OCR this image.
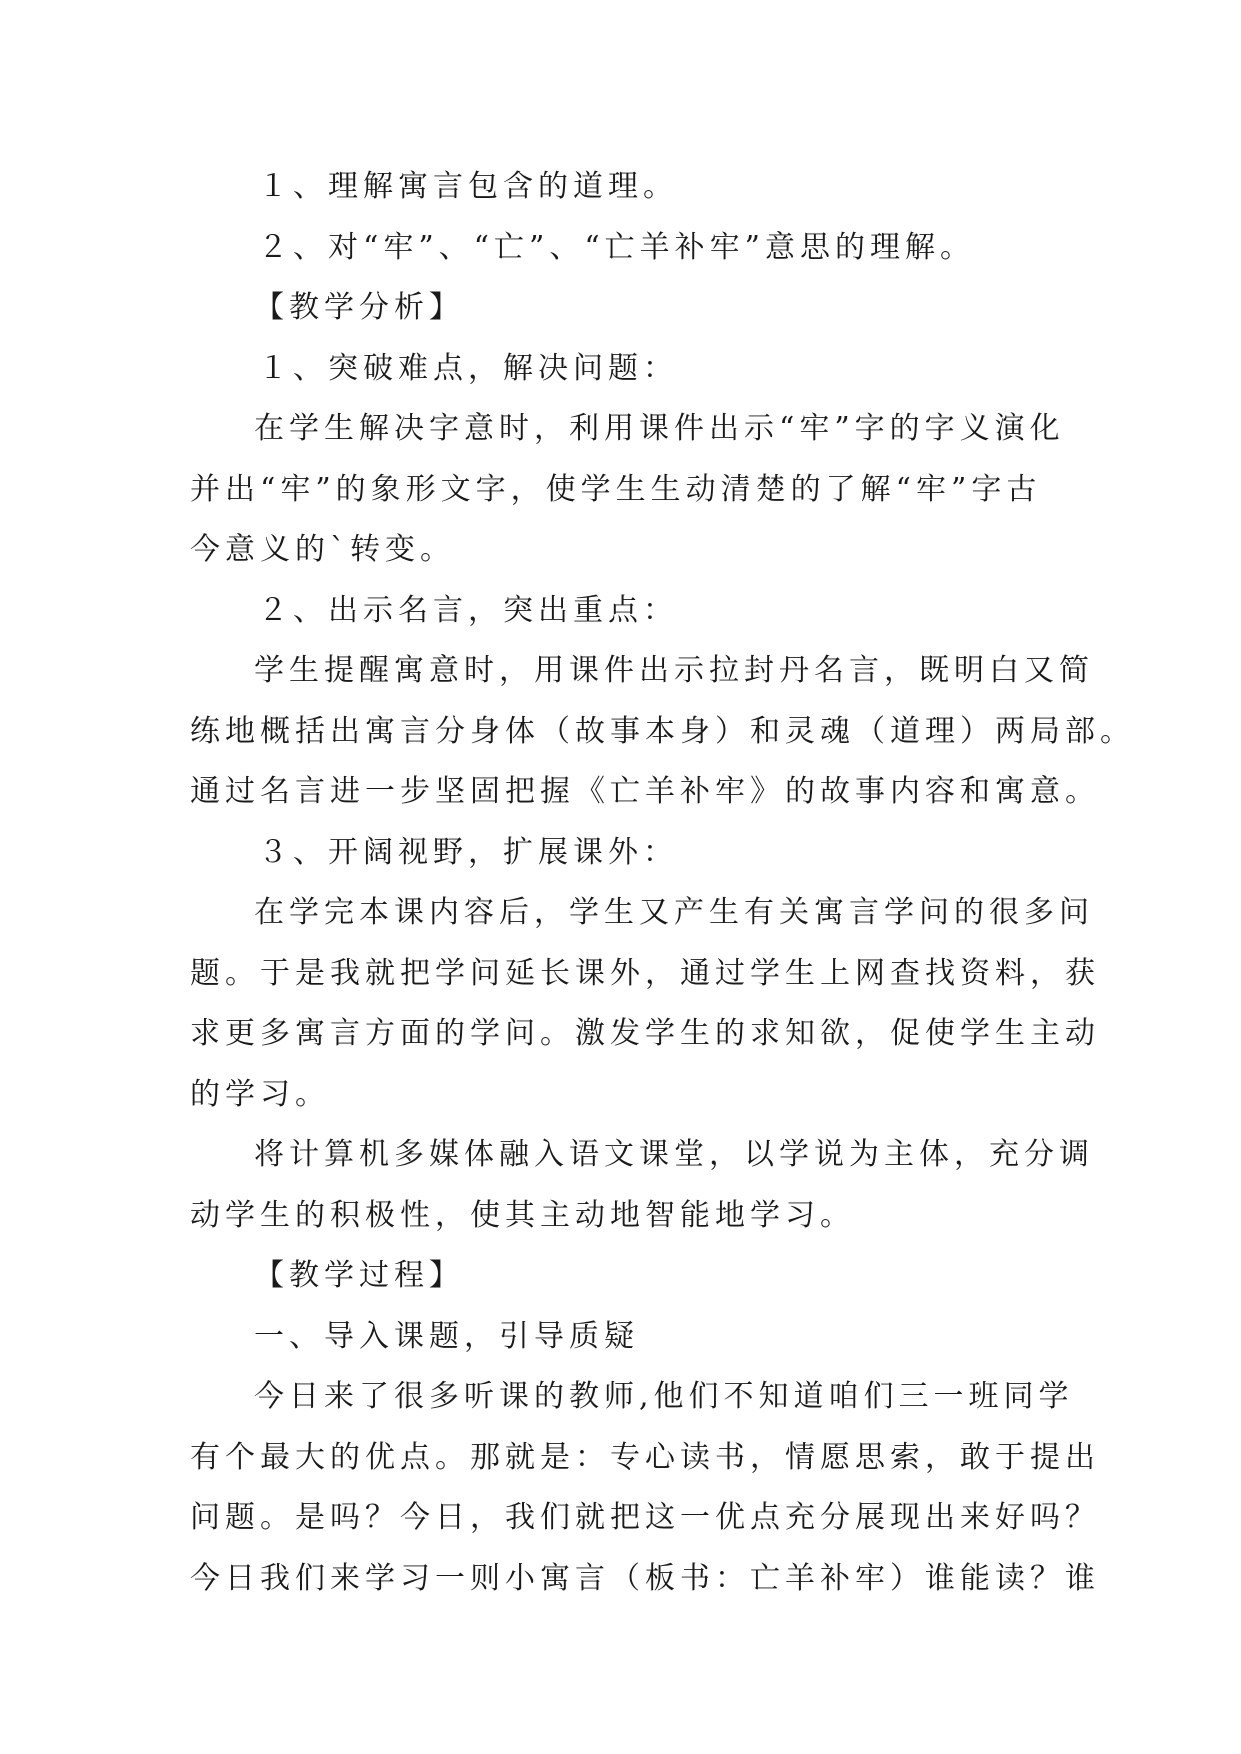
１、理解寓言包含的道理。
２、对“牢”、“亡”、“亡羊补牢”意思的理解。
【教学分析】
１、突破难点，解决问题：
在学生解决字意时，利用课件出示“牢”字的字义演化
并出“牢”的象形文字，使学生生动清楚的了解“牢”字古
今意义的`转变。
２、出示名言，突出重点：
学生提醒寓意时，用课件出示拉封丹名言，既明白又简
练地概括出寓言分身体（故事本身）和灵魂（道理）两局部。
通过名言进一步坚固把握《亡羊补牢》的故事内容和寓意。
３、开阔视野，扩展课外：
在学完本课内容后，学生又产生有关寓言学问的很多问
题。于是我就把学问延长课外，通过学生上网查找资料，获
求更多寓言方面的学问。激发学生的求知欲，促使学生主动
的学习。
将计算机多媒体融入语文课堂，以学说为主体，充分调
动学生的积极性，使其主动地智能地学习。
【教学过程】
一、导入课题，引导质疑
今日来了很多听课的教师,他们不知道咱们三一班同学
有个最大的优点。那就是：专心读书，情愿思索，敢于提出
问题。是吗？今日，我们就把这一优点充分展现出来好吗？
今日我们来学习一则小寓言（板书：亡羊补牢）谁能读？谁
